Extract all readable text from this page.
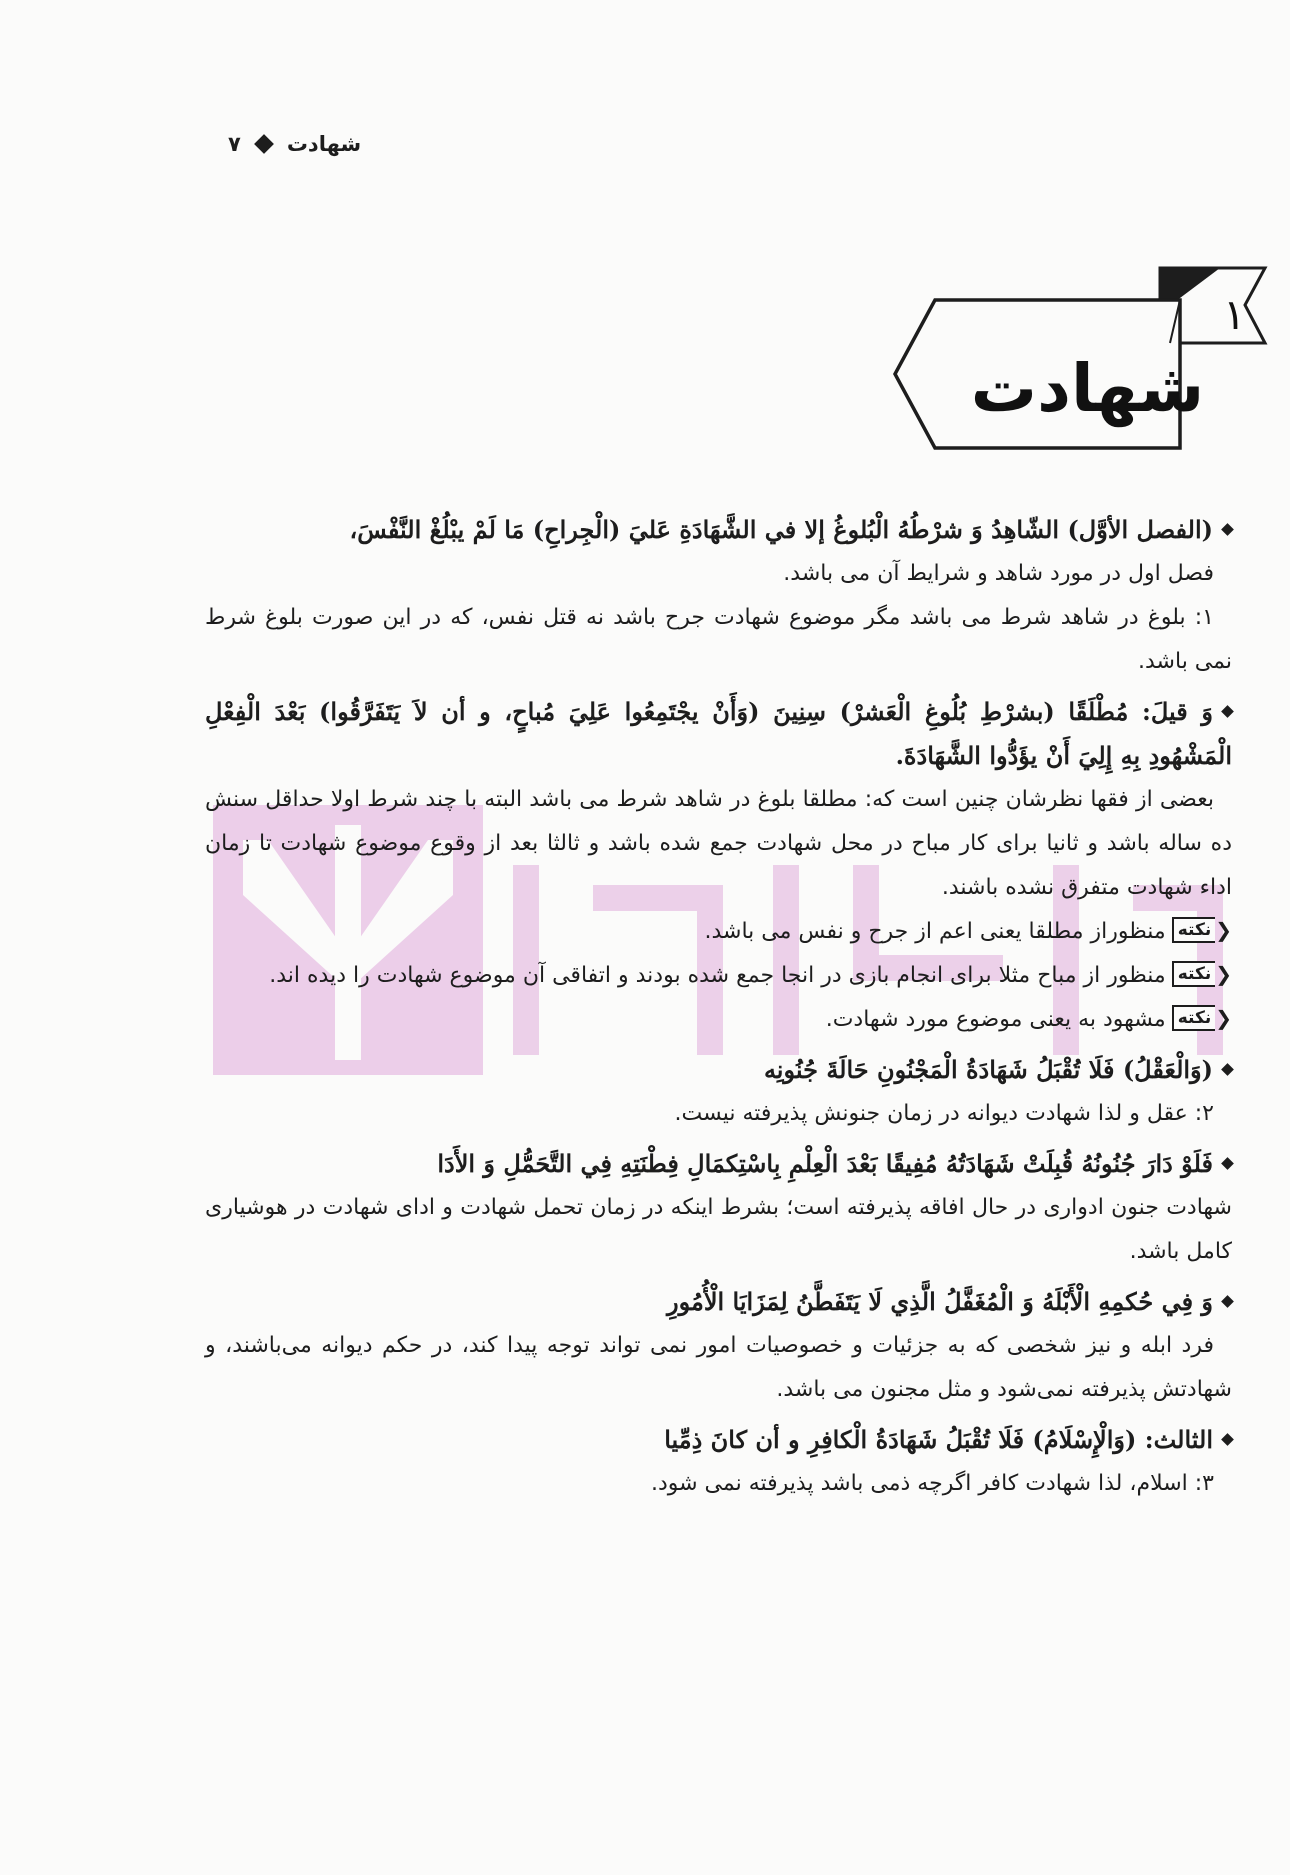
شهادت
۷
۱
شهادت

(الفصل الأوَّل) الشّاهِدُ وَ شرْطُهُ الْبُلوغُ إلا في الشَّهَادَةِ عَليَ (الْجِراحِ) مَا لَمْ يبْلُغْ النَّفْسَ،

فصل اول در مورد شاهد و شرايط آن می باشد.

۱: بلوغ در شاهد شرط می باشد مگر موضوع شهادت جرح باشد نه قتل نفس، که در این صورت بلوغ شرط نمی باشد.

وَ قيلَ: مُطْلَقًا (بشرْطِ بُلُوغِ الْعَشرْ) سِنِينَ (وَأَنْ يجْتَمِعُوا عَلِيَ مُباحٍ، و أن لاَ يَتَفَرَّقُوا) بَعْدَ الْفِعْلِ الْمَشْهُودِ بِهِ إِلِيَ أَنْ يؤَدُّوا الشَّهَادَةَ.

بعضی از فقها نظرشان چنین است که: مطلقا بلوغ در شاهد شرط می باشد البته با چند شرط اولا حداقل سنش ده ساله باشد و ثانیا برای کار مباح در محل شهادت جمع شده باشد و ثالثا بعد از وقوع موضوع شهادت تا زمان اداء شهادت متفرق نشده باشند.

❮
نکته
منظوراز مطلقا یعنی اعم از جرح و نفس می باشد.

❮
نکته
منظور از مباح مثلا برای انجام بازی در انجا جمع شده بودند و اتفاقی آن موضوع شهادت را دیده اند.

❮
نکته
مشهود به یعنی موضوع مورد شهادت.

(وَالْعَقْلُ) فَلَا تُقْبَلُ شَهَادَةُ الْمَجْنُونِ حَالَةَ جُنُونِه

۲: عقل و لذا شهادت دیوانه در زمان جنونش پذیرفته نیست.

فَلَوْ دَارَ جُنُونُهُ قُبِلَتْ شَهَادَتُهُ مُفِيقًا بَعْدَ الْعِلْمِ بِاسْتِكمَالِ فِطْنَتِهِ فِي التَّحَمُّلِ وَ الأَدَا

شهادت جنون ادواری در حال افاقه پذیرفته است؛ بشرط اینکه در زمان تحمل شهادت و ادای شهادت در هوشیاری کامل باشد.

وَ فِي حُكمِهِ الْأَبْلَهُ وَ الْمُغَفَّلُ الَّذِي لَا يَتَفَطَّنُ لِمَزَايَا الْأُمُورِ

فرد ابله و نیز شخصی که به جزئیات و خصوصیات امور نمی تواند توجه پیدا کند، در حکم دیوانه می‌باشند، و شهادتش پذیرفته نمی‌شود و مثل مجنون می باشد.

الثالث: (وَالْإِسْلَامُ) فَلَا تُقْبَلُ شَهَادَةُ الْكافِرِ و أن كانَ ذِمِّيا

۳: اسلام، لذا شهادت کافر اگرچه ذمی باشد پذیرفته نمی شود.
